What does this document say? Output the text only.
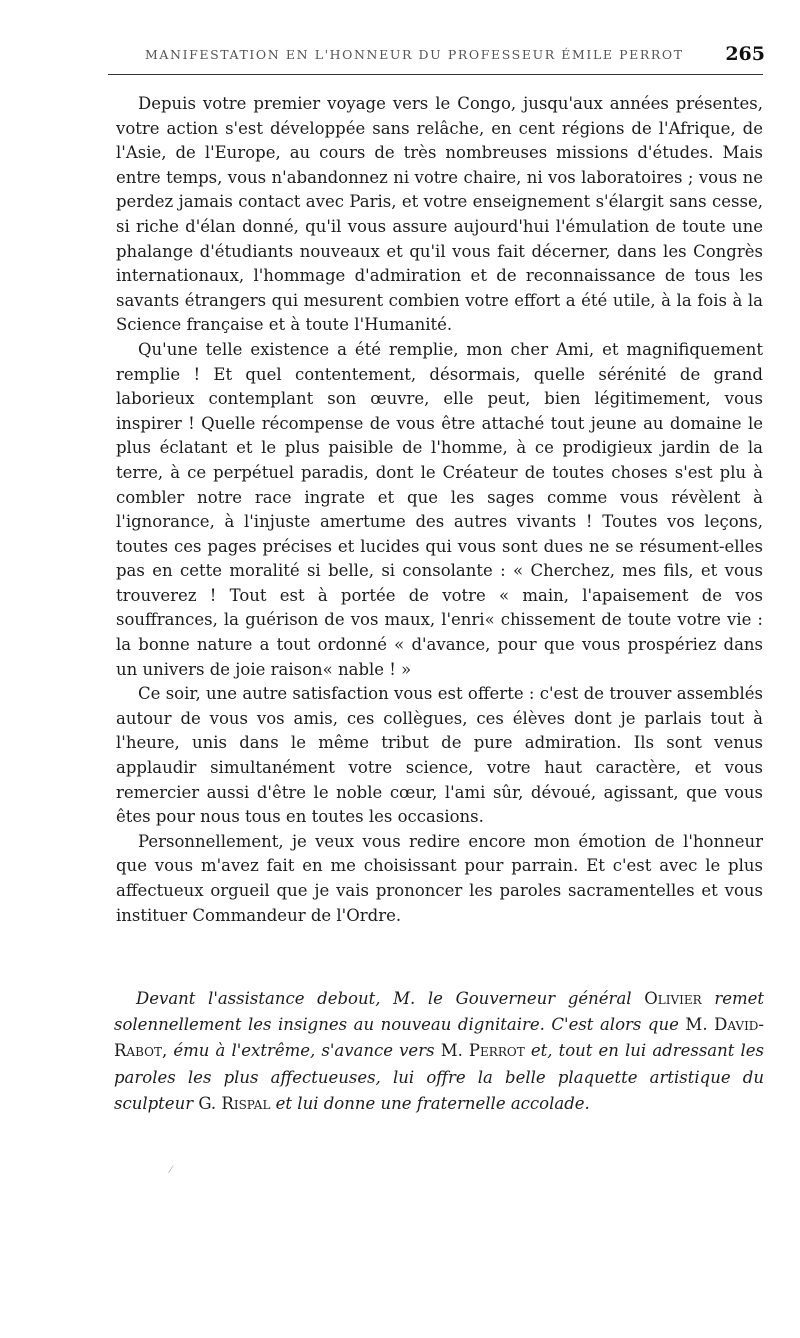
MANIFESTATION EN L'HONNEUR DU PROFESSEUR ÉMILE PERROT 265

Depuis votre premier voyage vers le Congo, jusqu'aux années présentes, votre action s'est développée sans relâche, en cent régions de l'Afrique, de l'Asie, de l'Europe, au cours de très nombreuses missions d'études. Mais entre temps, vous n'abandonnez ni votre chaire, ni vos laboratoires ; vous ne perdez jamais contact avec Paris, et votre enseignement s'élargit sans cesse, si riche d'élan donné, qu'il vous assure aujourd'hui l'émulation de toute une phalange d'étudiants nouveaux et qu'il vous fait décerner, dans les Congrès internationaux, l'hommage d'admiration et de reconnaissance de tous les savants étrangers qui mesurent combien votre effort a été utile, à la fois à la Science française et à toute l'Humanité.

Qu'une telle existence a été remplie, mon cher Ami, et magnifiquement remplie ! Et quel contentement, désormais, quelle sérénité de grand laborieux contemplant son œuvre, elle peut, bien légitimement, vous inspirer ! Quelle récompense de vous être attaché tout jeune au domaine le plus éclatant et le plus paisible de l'homme, à ce prodigieux jardin de la terre, à ce perpétuel paradis, dont le Créateur de toutes choses s'est plu à combler notre race ingrate et que les sages comme vous révèlent à l'ignorance, à l'injuste amertume des autres vivants ! Toutes vos leçons, toutes ces pages précises et lucides qui vous sont dues ne se résument-elles pas en cette moralité si belle, si consolante : « Cherchez, mes fils, et vous trouverez ! Tout est à portée de votre « main, l'apaisement de vos souffrances, la guérison de vos maux, l'enri« chissement de toute votre vie : la bonne nature a tout ordonné « d'avance, pour que vous prospériez dans un univers de joie raison« nable ! »

Ce soir, une autre satisfaction vous est offerte : c'est de trouver assemblés autour de vous vos amis, ces collègues, ces élèves dont je parlais tout à l'heure, unis dans le même tribut de pure admiration. Ils sont venus applaudir simultanément votre science, votre haut caractère, et vous remercier aussi d'être le noble cœur, l'ami sûr, dévoué, agissant, que vous êtes pour nous tous en toutes les occasions.

Personnellement, je veux vous redire encore mon émotion de l'honneur que vous m'avez fait en me choisissant pour parrain. Et c'est avec le plus affectueux orgueil que je vais prononcer les paroles sacramentelles et vous instituer Commandeur de l'Ordre.

Devant l'assistance debout, M. le Gouverneur général Olivier remet solennellement les insignes au nouveau dignitaire. C'est alors que M. David-Rabot, ému à l'extrême, s'avance vers M. Perrot et, tout en lui adressant les paroles les plus affectueuses, lui offre la belle plaquette artistique du sculpteur G. Rispal et lui donne une fraternelle accolade.

⁄
